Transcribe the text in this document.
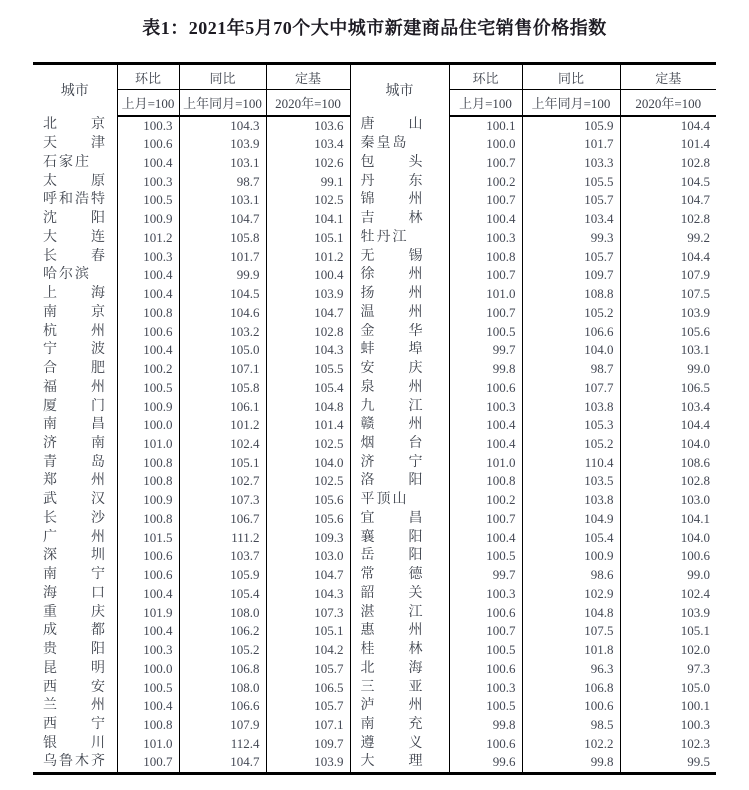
表1：2021年5月70个大中城市新建商品住宅销售价格指数
城市	环比	同比	定基	城市	环比	同比	定基
	上月=100	上年同月=100	2020年=100		上月=100	上年同月=100	2020年=100
北　　京	100.3	104.3	103.6	唐　　山	100.1	105.9	104.4
天　　津	100.6	103.9	103.4	秦皇岛	100.0	101.7	101.4
石家庄	100.4	103.1	102.6	包　　头	100.7	103.3	102.8
太　　原	100.3	98.7	99.1	丹　　东	100.2	105.5	104.5
呼和浩特	100.5	103.1	102.5	锦　　州	100.7	105.7	104.7
沈　　阳	100.9	104.7	104.1	吉　　林	100.4	103.4	102.8
大　　连	101.2	105.8	105.1	牡丹江	100.3	99.3	99.2
长　　春	100.3	101.7	101.2	无　　锡	100.8	105.7	104.4
哈尔滨	100.4	99.9	100.4	徐　　州	100.7	109.7	107.9
上　　海	100.4	104.5	103.9	扬　　州	101.0	108.8	107.5
南　　京	100.8	104.6	104.7	温　　州	100.7	105.2	103.9
杭　　州	100.6	103.2	102.8	金　　华	100.5	106.6	105.6
宁　　波	100.4	105.0	104.3	蚌　　埠	99.7	104.0	103.1
合　　肥	100.2	107.1	105.5	安　　庆	99.8	98.7	99.0
福　　州	100.5	105.8	105.4	泉　　州	100.6	107.7	106.5
厦　　门	100.9	106.1	104.8	九　　江	100.3	103.8	103.4
南　　昌	100.0	101.2	101.4	赣　　州	100.4	105.3	104.4
济　　南	101.0	102.4	102.5	烟　　台	100.4	105.2	104.0
青　　岛	100.8	105.1	104.0	济　　宁	101.0	110.4	108.6
郑　　州	100.8	102.7	102.5	洛　　阳	100.8	103.5	102.8
武　　汉	100.9	107.3	105.6	平顶山	100.2	103.8	103.0
长　　沙	100.8	106.7	105.6	宜　　昌	100.7	104.9	104.1
广　　州	101.5	111.2	109.3	襄　　阳	100.4	105.4	104.0
深　　圳	100.6	103.7	103.0	岳　　阳	100.5	100.9	100.6
南　　宁	100.6	105.9	104.7	常　　德	99.7	98.6	99.0
海　　口	100.4	105.4	104.3	韶　　关	100.3	102.9	102.4
重　　庆	101.9	108.0	107.3	湛　　江	100.6	104.8	103.9
成　　都	100.4	106.2	105.1	惠　　州	100.7	107.5	105.1
贵　　阳	100.3	105.2	104.2	桂　　林	100.5	101.8	102.0
昆　　明	100.0	106.8	105.7	北　　海	100.6	96.3	97.3
西　　安	100.5	108.0	106.5	三　　亚	100.3	106.8	105.0
兰　　州	100.4	106.6	105.7	泸　　州	100.5	100.6	100.1
西　　宁	100.8	107.9	107.1	南　　充	99.8	98.5	100.3
银　　川	101.0	112.4	109.7	遵　　义	100.6	102.2	102.3
乌鲁木齐	100.7	104.7	103.9	大　　理	99.6	99.8	99.5
